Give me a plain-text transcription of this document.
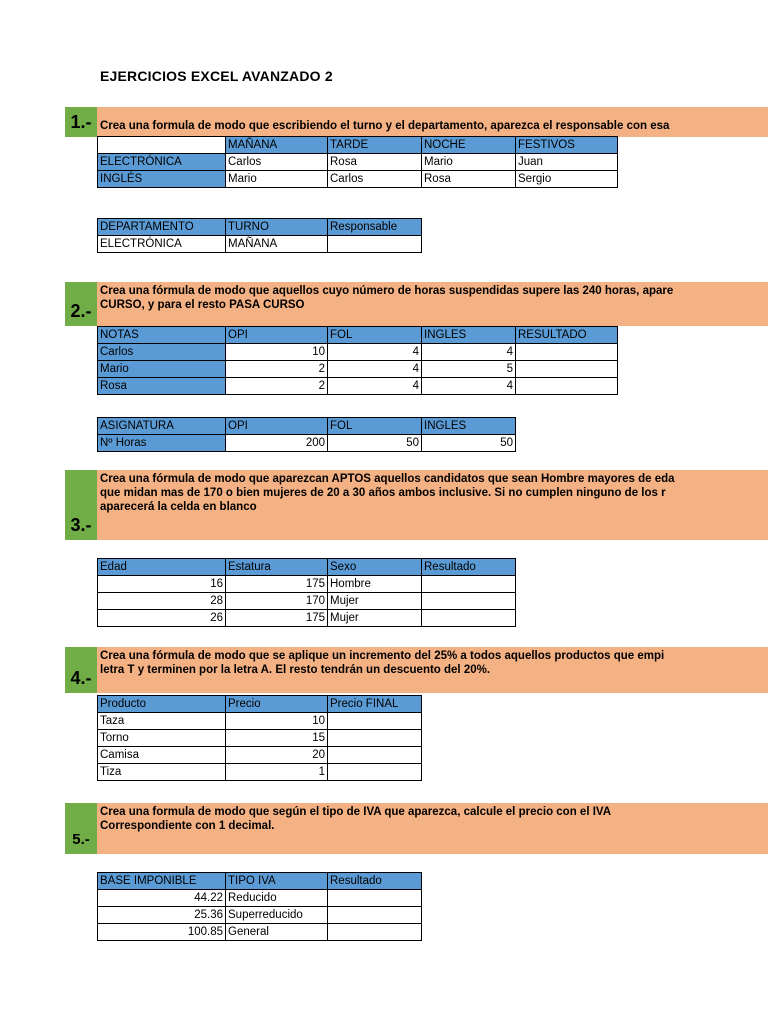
EJERCICIOS EXCEL AVANZADO 2
1.- Crea una formula de modo que escribiendo el turno y el departamento, aparezca el responsable con esa
	MAÑANA	TARDE	NOCHE	FESTIVOS
ELECTRÓNICA	Carlos	Rosa	Mario	Juan
INGLÉS	Mario	Carlos	Rosa	Sergio
DEPARTAMENTO	TURNO	Responsable
ELECTRÓNICA	MAÑANA	
2.-
Crea una fórmula de modo que aquellos cuyo número de horas suspendidas supere las 240 horas, apare
CURSO, y para el resto PASA CURSO
NOTAS	OPI	FOL	INGLES	RESULTADO
Carlos	10	4	4	
Mario	2	4	5	
Rosa	2	4	4	
ASIGNATURA	OPI	FOL	INGLES
Nº Horas	200	50	50
3.-
Crea una fórmula de modo que aparezcan APTOS aquellos candidatos que sean Hombre mayores de eda
que midan mas de 170 o bien mujeres de 20 a 30 años ambos inclusive. Si no cumplen ninguno de los r
aparecerá la celda en blanco
Edad	Estatura	Sexo	Resultado
16	175	Hombre	
28	170	Mujer	
26	175	Mujer	
4.-
Crea una fórmula de modo que se aplique un incremento del 25% a todos aquellos productos que empi
letra T y terminen por la letra A. El resto tendrán un descuento del 20%.
Producto	Precio	Precio FINAL
Taza	10	
Torno	15	
Camisa	20	
Tiza	1	
5.-
Crea una formula de modo que según el tipo de IVA que aparezca, calcule el precio con el IVA
Correspondiente con 1 decimal.
BASE IMPONIBLE	TIPO IVA	Resultado
44.22	Reducido	
25.36	Superreducido	
100.85	General	
